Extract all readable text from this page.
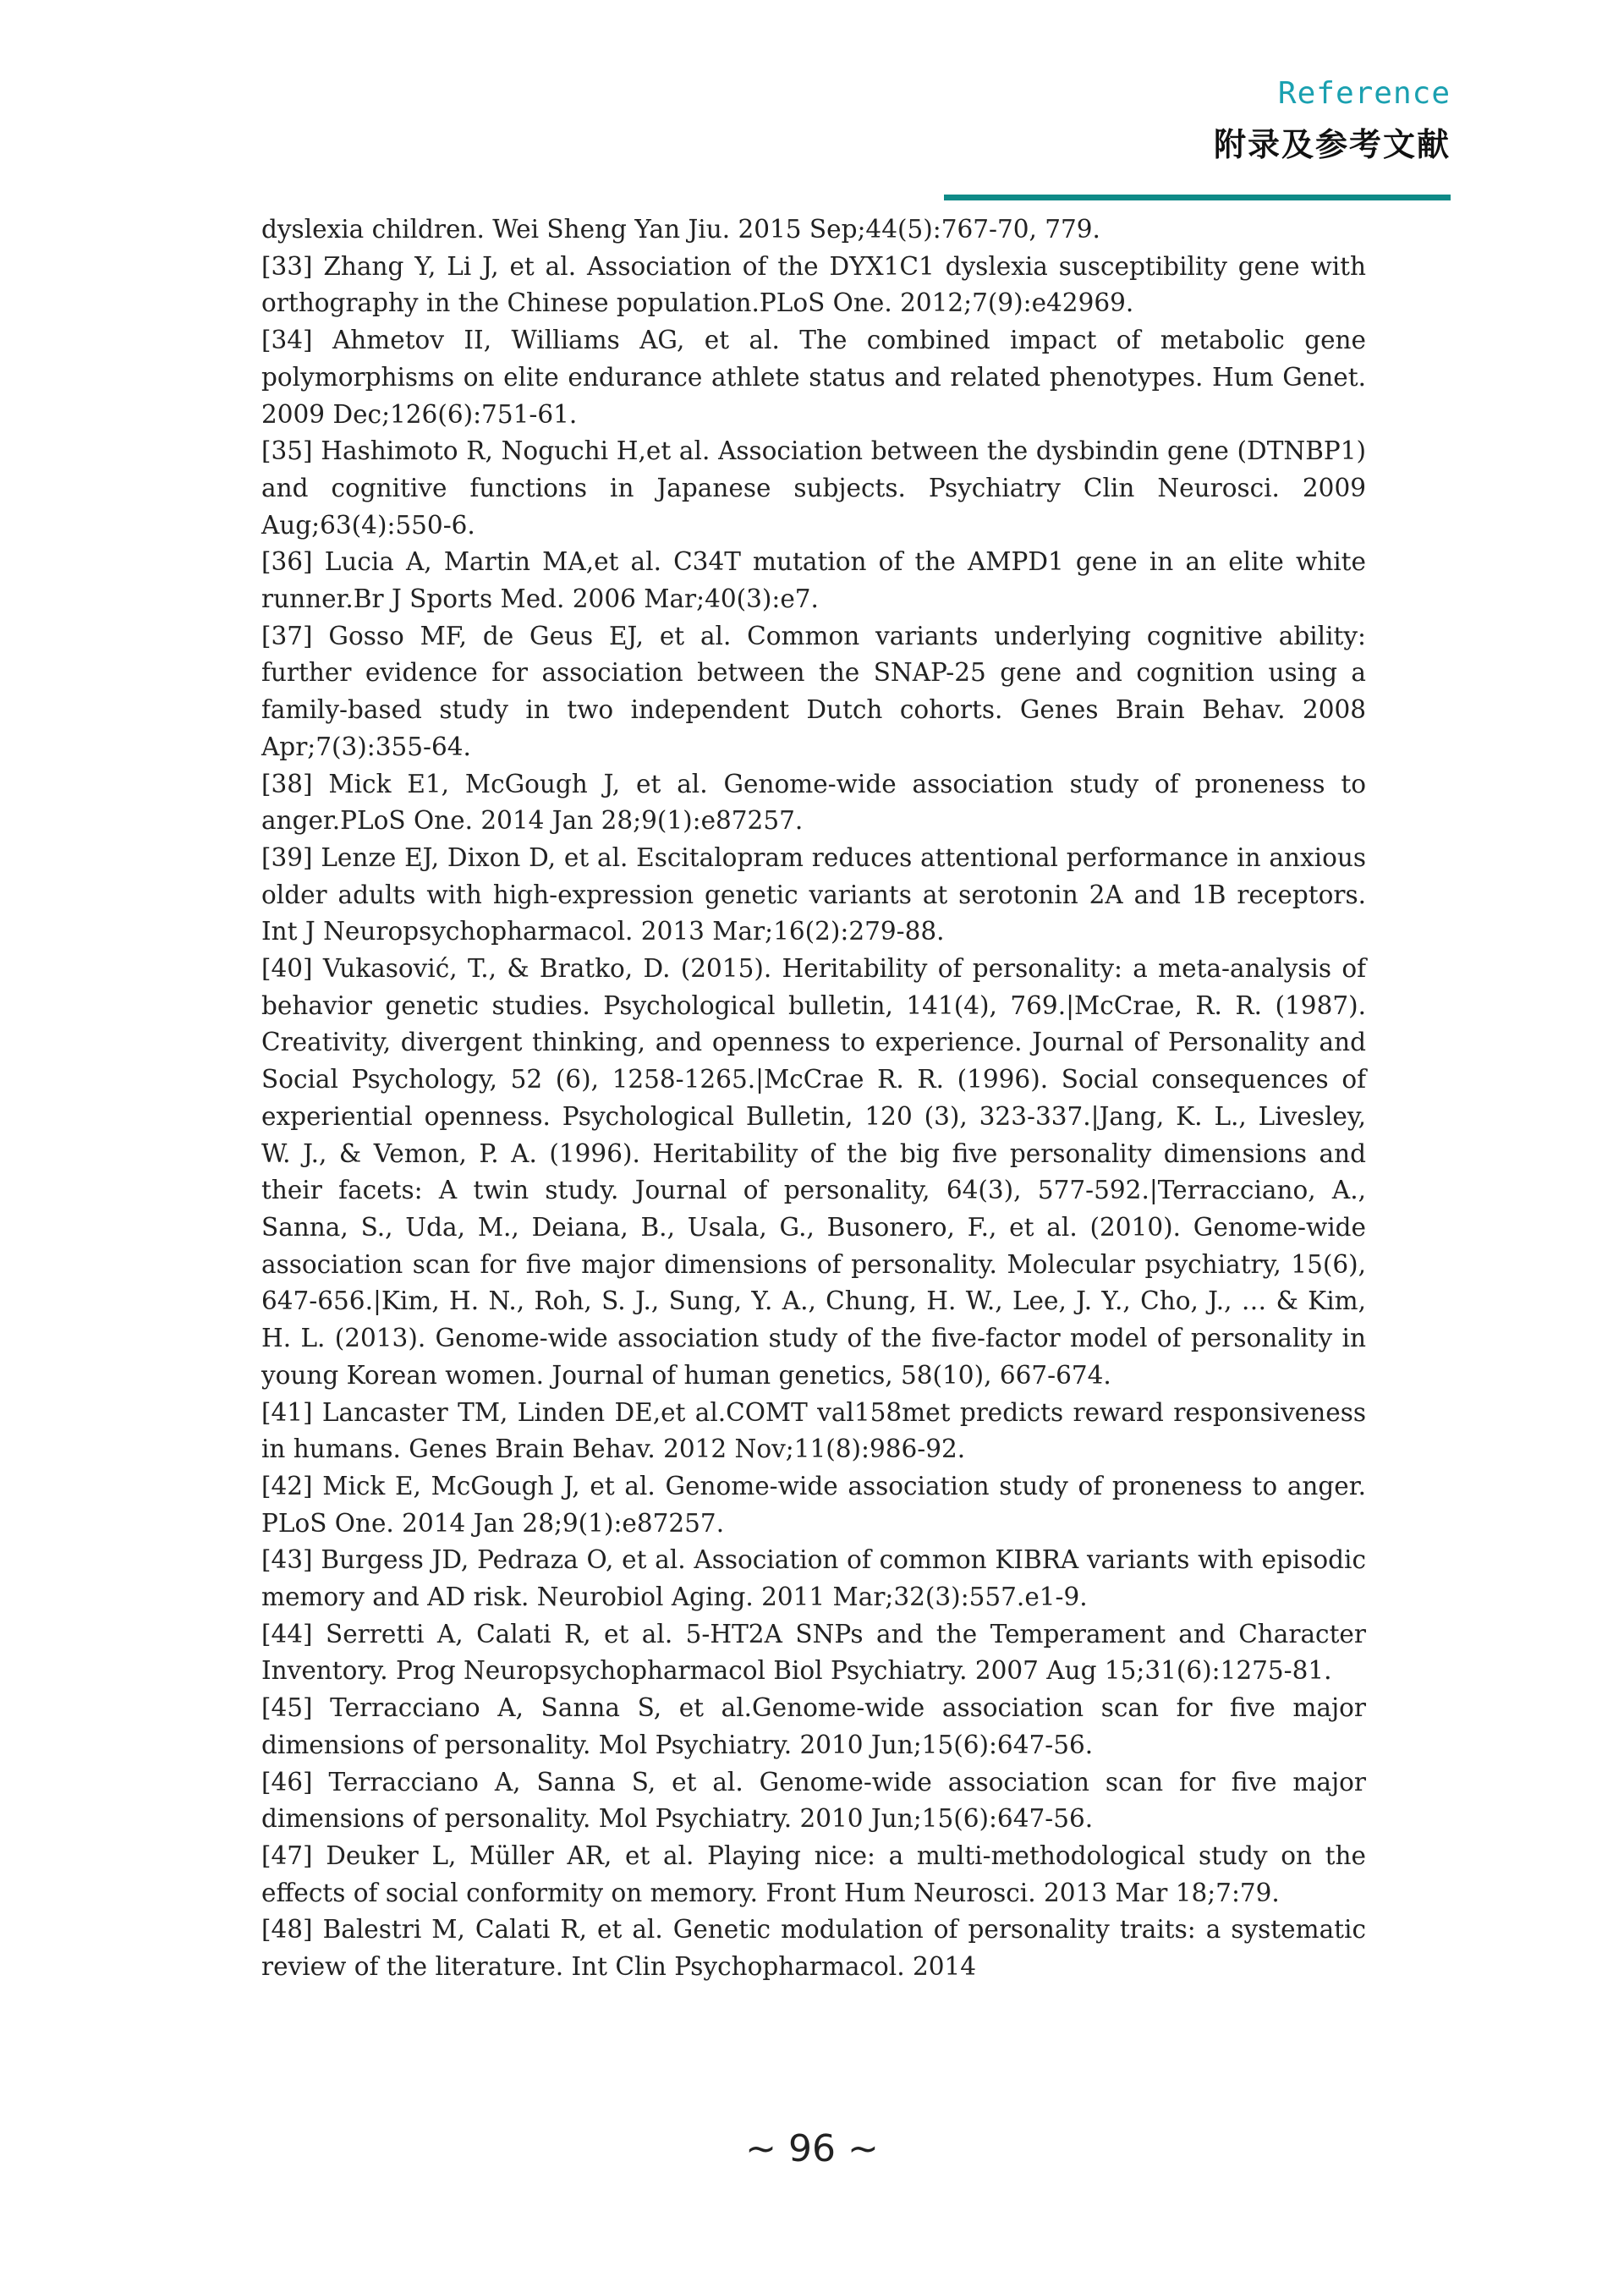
Reference
附录及参考文献

dyslexia children. Wei Sheng Yan Jiu. 2015 Sep;44(5):767-70, 779.

[33] Zhang Y, Li J, et al. Association of the DYX1C1 dyslexia susceptibility gene with orthography in the Chinese population.PLoS One. 2012;7(9):e42969.

[34] Ahmetov II, Williams AG, et al. The combined impact of metabolic gene polymorphisms on elite endurance athlete status and related phenotypes. Hum Genet. 2009 Dec;126(6):751-61.

[35] Hashimoto R, Noguchi H,et al. Association between the dysbindin gene (DTNBP1) and cognitive functions in Japanese subjects. Psychiatry Clin Neurosci. 2009 Aug;63(4):550-6.

[36] Lucia A, Martin MA,et al. C34T mutation of the AMPD1 gene in an elite white runner.Br J Sports Med. 2006 Mar;40(3):e7.

[37] Gosso MF, de Geus EJ, et al. Common variants underlying cognitive ability: further evidence for association between the SNAP-25 gene and cognition using a family-based study in two independent Dutch cohorts. Genes Brain Behav. 2008 Apr;7(3):355-64.

[38] Mick E1, McGough J, et al. Genome-wide association study of proneness to anger.PLoS One. 2014 Jan 28;9(1):e87257.

[39] Lenze EJ, Dixon D, et al. Escitalopram reduces attentional performance in anxious older adults with high-expression genetic variants at serotonin 2A and 1B receptors. Int J Neuropsychopharmacol. 2013 Mar;16(2):279-88.

[40] Vukasović, T., & Bratko, D. (2015). Heritability of personality: a meta-analysis of behavior genetic studies. Psychological bulletin, 141(4), 769.|McCrae, R. R. (1987). Creativity, divergent thinking, and openness to experience. Journal of Personality and Social Psychology, 52 (6), 1258-1265.|McCrae R. R. (1996). Social consequences of experiential openness. Psychological Bulletin, 120 (3), 323-337.|Jang, K. L., Livesley, W. J., & Vemon, P. A. (1996). Heritability of the big five personality dimensions and their facets: A twin study. Journal of personality, 64(3), 577-592.|Terracciano, A., Sanna, S., Uda, M., Deiana, B., Usala, G., Busonero, F., et al. (2010). Genome-wide association scan for five major dimensions of personality. Molecular psychiatry, 15(6), 647-656.|Kim, H. N., Roh, S. J., Sung, Y. A., Chung, H. W., Lee, J. Y., Cho, J., … & Kim, H. L. (2013). Genome-wide association study of the five-factor model of personality in young Korean women. Journal of human genetics, 58(10), 667-674.

[41] Lancaster TM, Linden DE,et al.COMT val158met predicts reward responsiveness in humans. Genes Brain Behav. 2012 Nov;11(8):986-92.

[42] Mick E, McGough J, et al. Genome-wide association study of proneness to anger. PLoS One. 2014 Jan 28;9(1):e87257.

[43] Burgess JD, Pedraza O, et al. Association of common KIBRA variants with episodic memory and AD risk. Neurobiol Aging. 2011 Mar;32(3):557.e1-9.

[44] Serretti A, Calati R, et al. 5-HT2A SNPs and the Temperament and Character Inventory. Prog Neuropsychopharmacol Biol Psychiatry. 2007 Aug 15;31(6):1275-81.

[45] Terracciano A, Sanna S, et al.Genome-wide association scan for five major dimensions of personality. Mol Psychiatry. 2010 Jun;15(6):647-56.

[46] Terracciano A, Sanna S, et al. Genome-wide association scan for five major dimensions of personality. Mol Psychiatry. 2010 Jun;15(6):647-56.

[47] Deuker L, Müller AR, et al. Playing nice: a multi-methodological study on the effects of social conformity on memory. Front Hum Neurosci. 2013 Mar 18;7:79.

[48] Balestri M, Calati R, et al. Genetic modulation of personality traits: a systematic review of the literature. Int Clin Psychopharmacol. 2014

~ 96 ~
